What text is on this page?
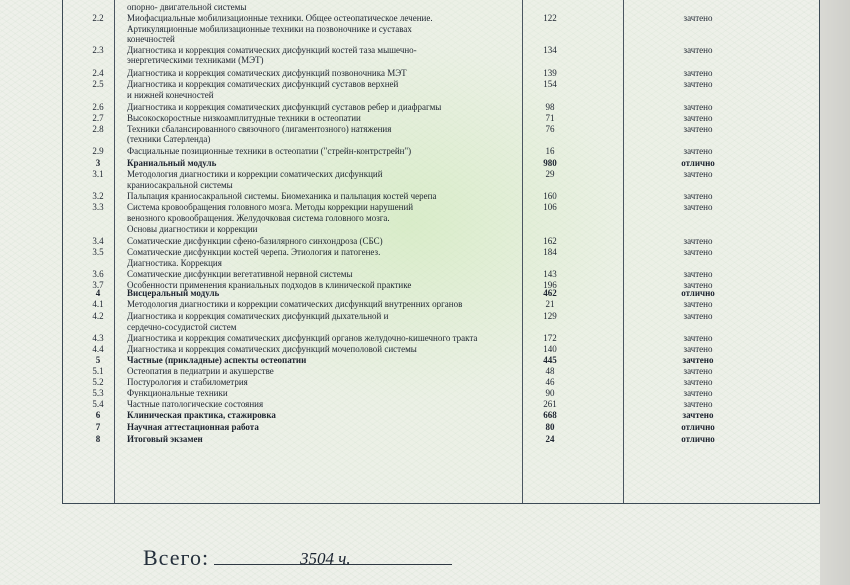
опорно- двигательной системы
2.2	Миофасциальные мобилизационные техники. Общее остеопатическое лечение.	122	зачтено
Артикуляционные мобилизационные техники на позвоночнике и суставах
конечностей
2.3	Диагностика и коррекция соматических дисфункций костей таза мышечно-	134	зачтено
энергетическими техниками (МЭТ)
2.4	Диагностика и коррекция соматических дисфункций позвоночника МЭТ	139	зачтено
2.5	Диагностика и коррекция соматических дисфункций суставов верхней	154	зачтено
и нижней конечностей
2.6	Диагностика и коррекция соматических дисфункций суставов ребер и диафрагмы	98	зачтено
2.7	Высокоскоростные низкоамплитудные техники в остеопатии	71	зачтено
2.8	Техники сбалансированного связочного (лигаментозного) натяжения	76	зачтено
(техники Сатерленда)
2.9	Фасциальные позиционные техники в остеопатии ("стрейн-контрстрейн")	16	зачтено
3	Краниальный модуль	980	отлично
3.1	Методология диагностики и коррекции соматических дисфункций	29	зачтено
краниосакральной системы
3.2	Пальпация краниосакральной системы. Биомеханика и пальпация костей черепа	160	зачтено
3.3	Система кровообращения головного мозга. Методы коррекции нарушений	106	зачтено
венозного кровообращения. Желудочковая система головного мозга.
Основы диагностики и коррекции
3.4	Соматические дисфункции сфено-базилярного синхондроза (СБС)	162	зачтено
3.5	Соматические дисфункции костей черепа. Этиология и патогенез.	184	зачтено
Диагностика. Коррекция
3.6	Соматические дисфункции вегетативной нервной системы	143	зачтено
3.7	Особенности применения краниальных подходов в клинической практике	196	зачтено
4	Висцеральный модуль	462	отлично
4.1	Методология диагностики и коррекции соматических дисфункций внутренних органов	21	зачтено
4.2	Диагностика и коррекция соматических дисфункций дыхательной и	129	зачтено
сердечно-сосудистой систем
4.3	Диагностика и коррекция соматических дисфункций органов желудочно-кишечного тракта	172	зачтено
4.4	Диагностика и коррекция соматических дисфункций мочеполовой системы	140	зачтено
5	Частные (прикладные) аспекты остеопатии	445	зачтено
5.1	Остеопатия в педиатрии и акушерстве	48	зачтено
5.2	Постурология и стабилометрия	46	зачтено
5.3	Функциональные техники	90	зачтено
5.4	Частные патологические состояния	261	зачтено
6	Клиническая практика, стажировка	668	зачтено
7	Научная аттестационная работа	80	отлично
8	Итоговый экзамен	24	отлично
Всего:	3504 ч.
